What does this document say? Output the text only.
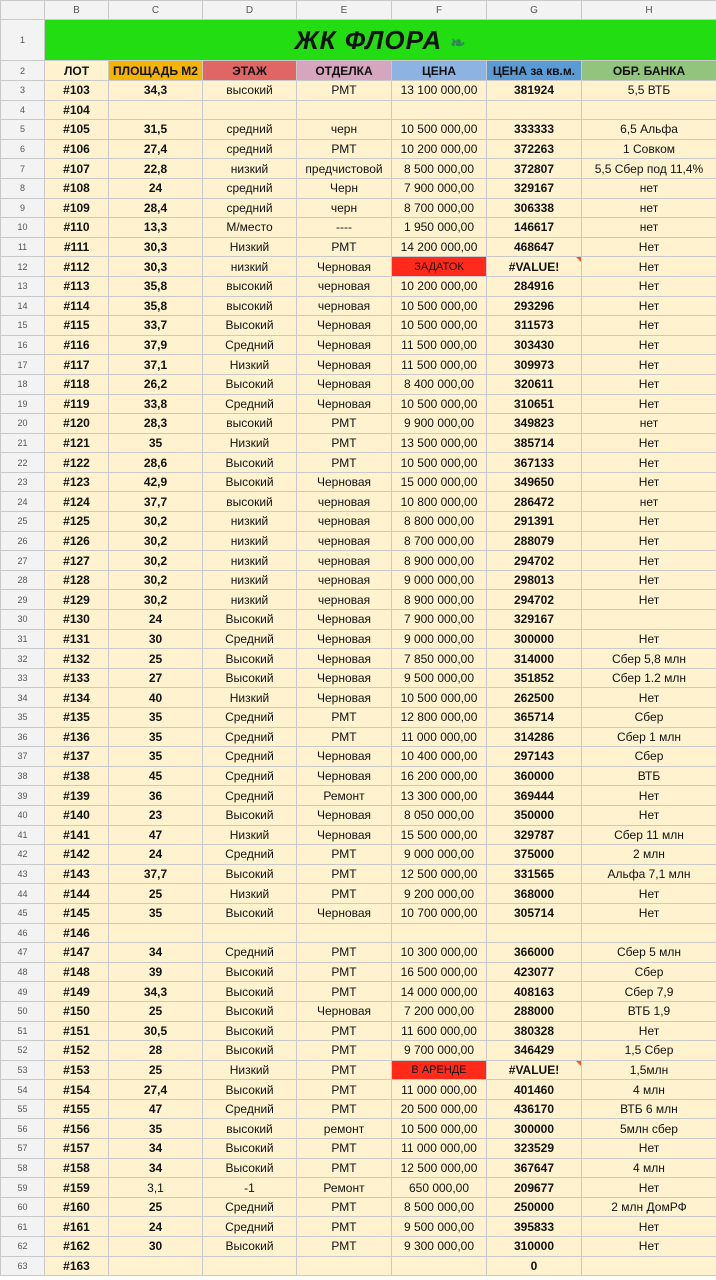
	B	C	D	E	F	G	H
1	ЖК ФЛОРА ❧						
2	ЛОТ	ПЛОЩАДЬ М2	ЭТАЖ	ОТДЕЛКА	ЦЕНА	ЦЕНА за кв.м.	ОБР. БАНКА
3	#103	34,3	высокий	РМТ	13 100 000,00	381924	5,5 ВТБ
4	#104						
5	#105	31,5	средний	черн	10 500 000,00	333333	6,5 Альфа
6	#106	27,4	средний	РМТ	10 200 000,00	372263	1 Совком
7	#107	22,8	низкий	предчистовой	8 500 000,00	372807	5,5 Сбер под 11,4%
8	#108	24	средний	Черн	7 900 000,00	329167	нет
9	#109	28,4	средний	черн	8 700 000,00	306338	нет
10	#110	13,3	М/место	----	1 950 000,00	146617	нет
11	#111	30,3	Низкий	РМТ	14 200 000,00	468647	Нет
12	#112	30,3	низкий	Черновая	ЗАДАТОК	#VALUE!	Нет
13	#113	35,8	высокий	черновая	10 200 000,00	284916	Нет
14	#114	35,8	высокий	черновая	10 500 000,00	293296	Нет
15	#115	33,7	Высокий	Черновая	10 500 000,00	311573	Нет
16	#116	37,9	Средний	Черновая	11 500 000,00	303430	Нет
17	#117	37,1	Низкий	Черновая	11 500 000,00	309973	Нет
18	#118	26,2	Высокий	Черновая	8 400 000,00	320611	Нет
19	#119	33,8	Средний	Черновая	10 500 000,00	310651	Нет
20	#120	28,3	высокий	РМТ	9 900 000,00	349823	нет
21	#121	35	Низкий	РМТ	13 500 000,00	385714	Нет
22	#122	28,6	Высокий	РМТ	10 500 000,00	367133	Нет
23	#123	42,9	Высокий	Черновая	15 000 000,00	349650	Нет
24	#124	37,7	высокий	черновая	10 800 000,00	286472	нет
25	#125	30,2	низкий	черновая	8 800 000,00	291391	Нет
26	#126	30,2	низкий	черновая	8 700 000,00	288079	Нет
27	#127	30,2	низкий	черновая	8 900 000,00	294702	Нет
28	#128	30,2	низкий	черновая	9 000 000,00	298013	Нет
29	#129	30,2	низкий	черновая	8 900 000,00	294702	Нет
30	#130	24	Высокий	Черновая	7 900 000,00	329167	
31	#131	30	Средний	Черновая	9 000 000,00	300000	Нет
32	#132	25	Высокий	Черновая	7 850 000,00	314000	Сбер 5,8 млн
33	#133	27	Высокий	Черновая	9 500 000,00	351852	Сбер 1.2 млн
34	#134	40	Низкий	Черновая	10 500 000,00	262500	Нет
35	#135	35	Средний	РМТ	12 800 000,00	365714	Сбер
36	#136	35	Средний	РМТ	11 000 000,00	314286	Сбер 1 млн
37	#137	35	Средний	Черновая	10 400 000,00	297143	Сбер
38	#138	45	Средний	Черновая	16 200 000,00	360000	ВТБ
39	#139	36	Средний	Ремонт	13 300 000,00	369444	Нет
40	#140	23	Высокий	Черновая	8 050 000,00	350000	Нет
41	#141	47	Низкий	Черновая	15 500 000,00	329787	Сбер 11 млн
42	#142	24	Средний	РМТ	9 000 000,00	375000	2 млн
43	#143	37,7	Высокий	РМТ	12 500 000,00	331565	Альфа 7,1 млн
44	#144	25	Низкий	РМТ	9 200 000,00	368000	Нет
45	#145	35	Высокий	Черновая	10 700 000,00	305714	Нет
46	#146						
47	#147	34	Средний	РМТ	10 300 000,00	366000	Сбер 5 млн
48	#148	39	Высокий	РМТ	16 500 000,00	423077	Сбер
49	#149	34,3	Высокий	РМТ	14 000 000,00	408163	Сбер 7,9
50	#150	25	Высокий	Черновая	7 200 000,00	288000	ВТБ 1,9
51	#151	30,5	Высокий	РМТ	11 600 000,00	380328	Нет
52	#152	28	Высокий	РМТ	9 700 000,00	346429	1,5 Сбер
53	#153	25	Низкий	РМТ	В АРЕНДЕ	#VALUE!	1,5млн
54	#154	27,4	Высокий	РМТ	11 000 000,00	401460	4 млн
55	#155	47	Средний	РМТ	20 500 000,00	436170	ВТБ 6 млн
56	#156	35	высокий	ремонт	10 500 000,00	300000	5млн сбер
57	#157	34	Высокий	РМТ	11 000 000,00	323529	Нет
58	#158	34	Высокий	РМТ	12 500 000,00	367647	4 млн
59	#159	3,1	-1	Ремонт	650 000,00	209677	Нет
60	#160	25	Средний	РМТ	8 500 000,00	250000	2 млн ДомРФ
61	#161	24	Средний	РМТ	9 500 000,00	395833	Нет
62	#162	30	Высокий	РМТ	9 300 000,00	310000	Нет
63	#163					0	
